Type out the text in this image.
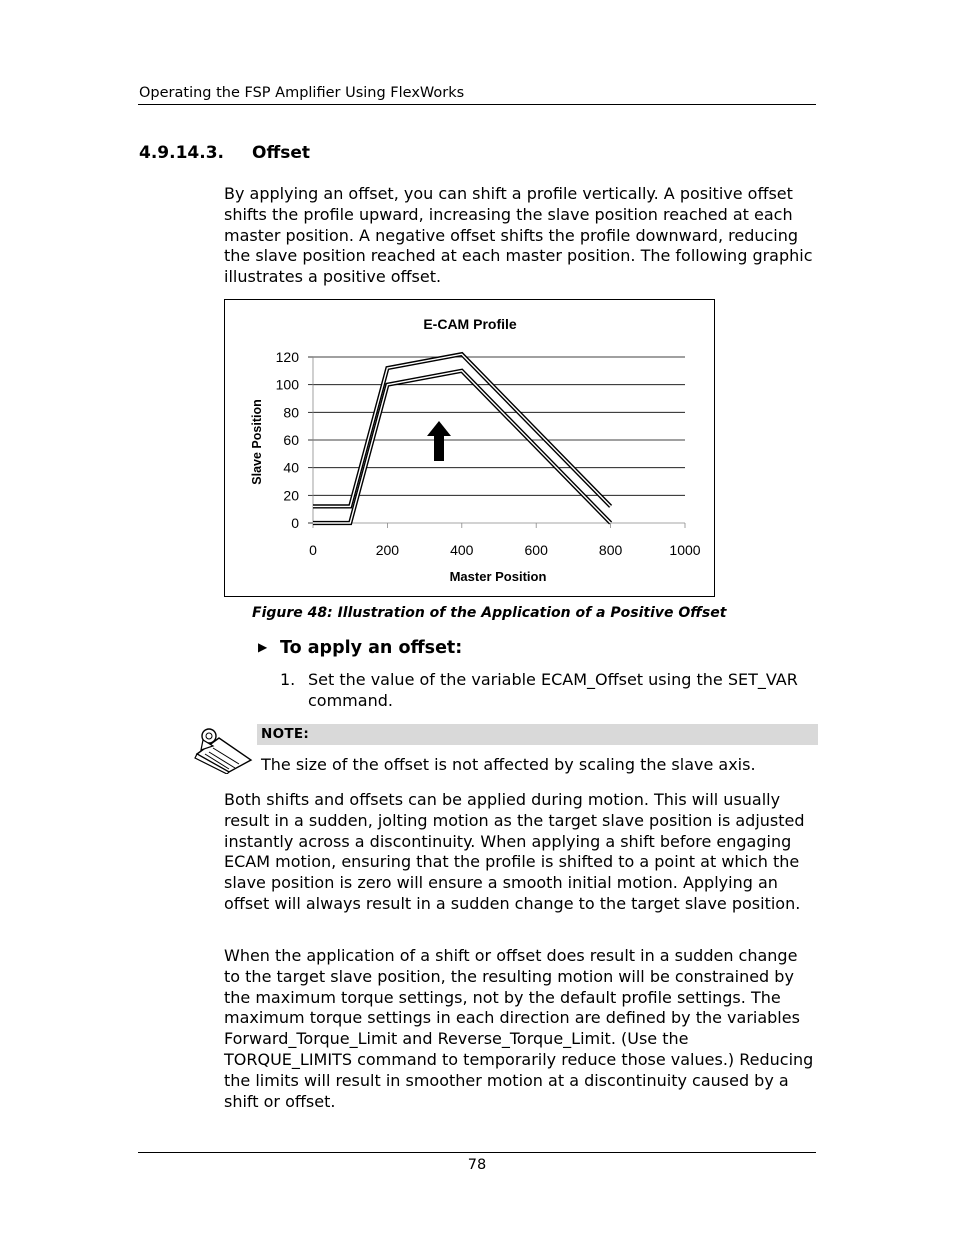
Operating the FSP Amplifier Using FlexWorks
4.9.14.3. Offset

By applying an offset, you can shift a profile vertically. A positive offset shifts the profile upward, increasing the slave position reached at each master position. A negative offset shifts the profile downward, reducing the slave position reached at each master position. The following graphic illustrates a positive offset.

E-CAM Profile
0
20
40
60
80
100
120
0	200	400	600	800	1000
Slave Position
Master Position
Figure 48: Illustration of the Application of a Positive Offset
▶ To apply an offset:
1. Set the value of the variable ECAM_Offset using the SET_VAR command.
NOTE:
The size of the offset is not affected by scaling the slave axis.

Both shifts and offsets can be applied during motion. This will usually result in a sudden, jolting motion as the target slave position is adjusted instantly across a discontinuity. When applying a shift before engaging ECAM motion, ensuring that the profile is shifted to a point at which the slave position is zero will ensure a smooth initial motion. Applying an offset will always result in a sudden change to the target slave position.

When the application of a shift or offset does result in a sudden change to the target slave position, the resulting motion will be constrained by the maximum torque settings, not by the default profile settings. The maximum torque settings in each direction are defined by the variables Forward_Torque_Limit and Reverse_Torque_Limit. (Use the TORQUE_LIMITS command to temporarily reduce those values.) Reducing the limits will result in smoother motion at a discontinuity caused by a shift or offset.

78
